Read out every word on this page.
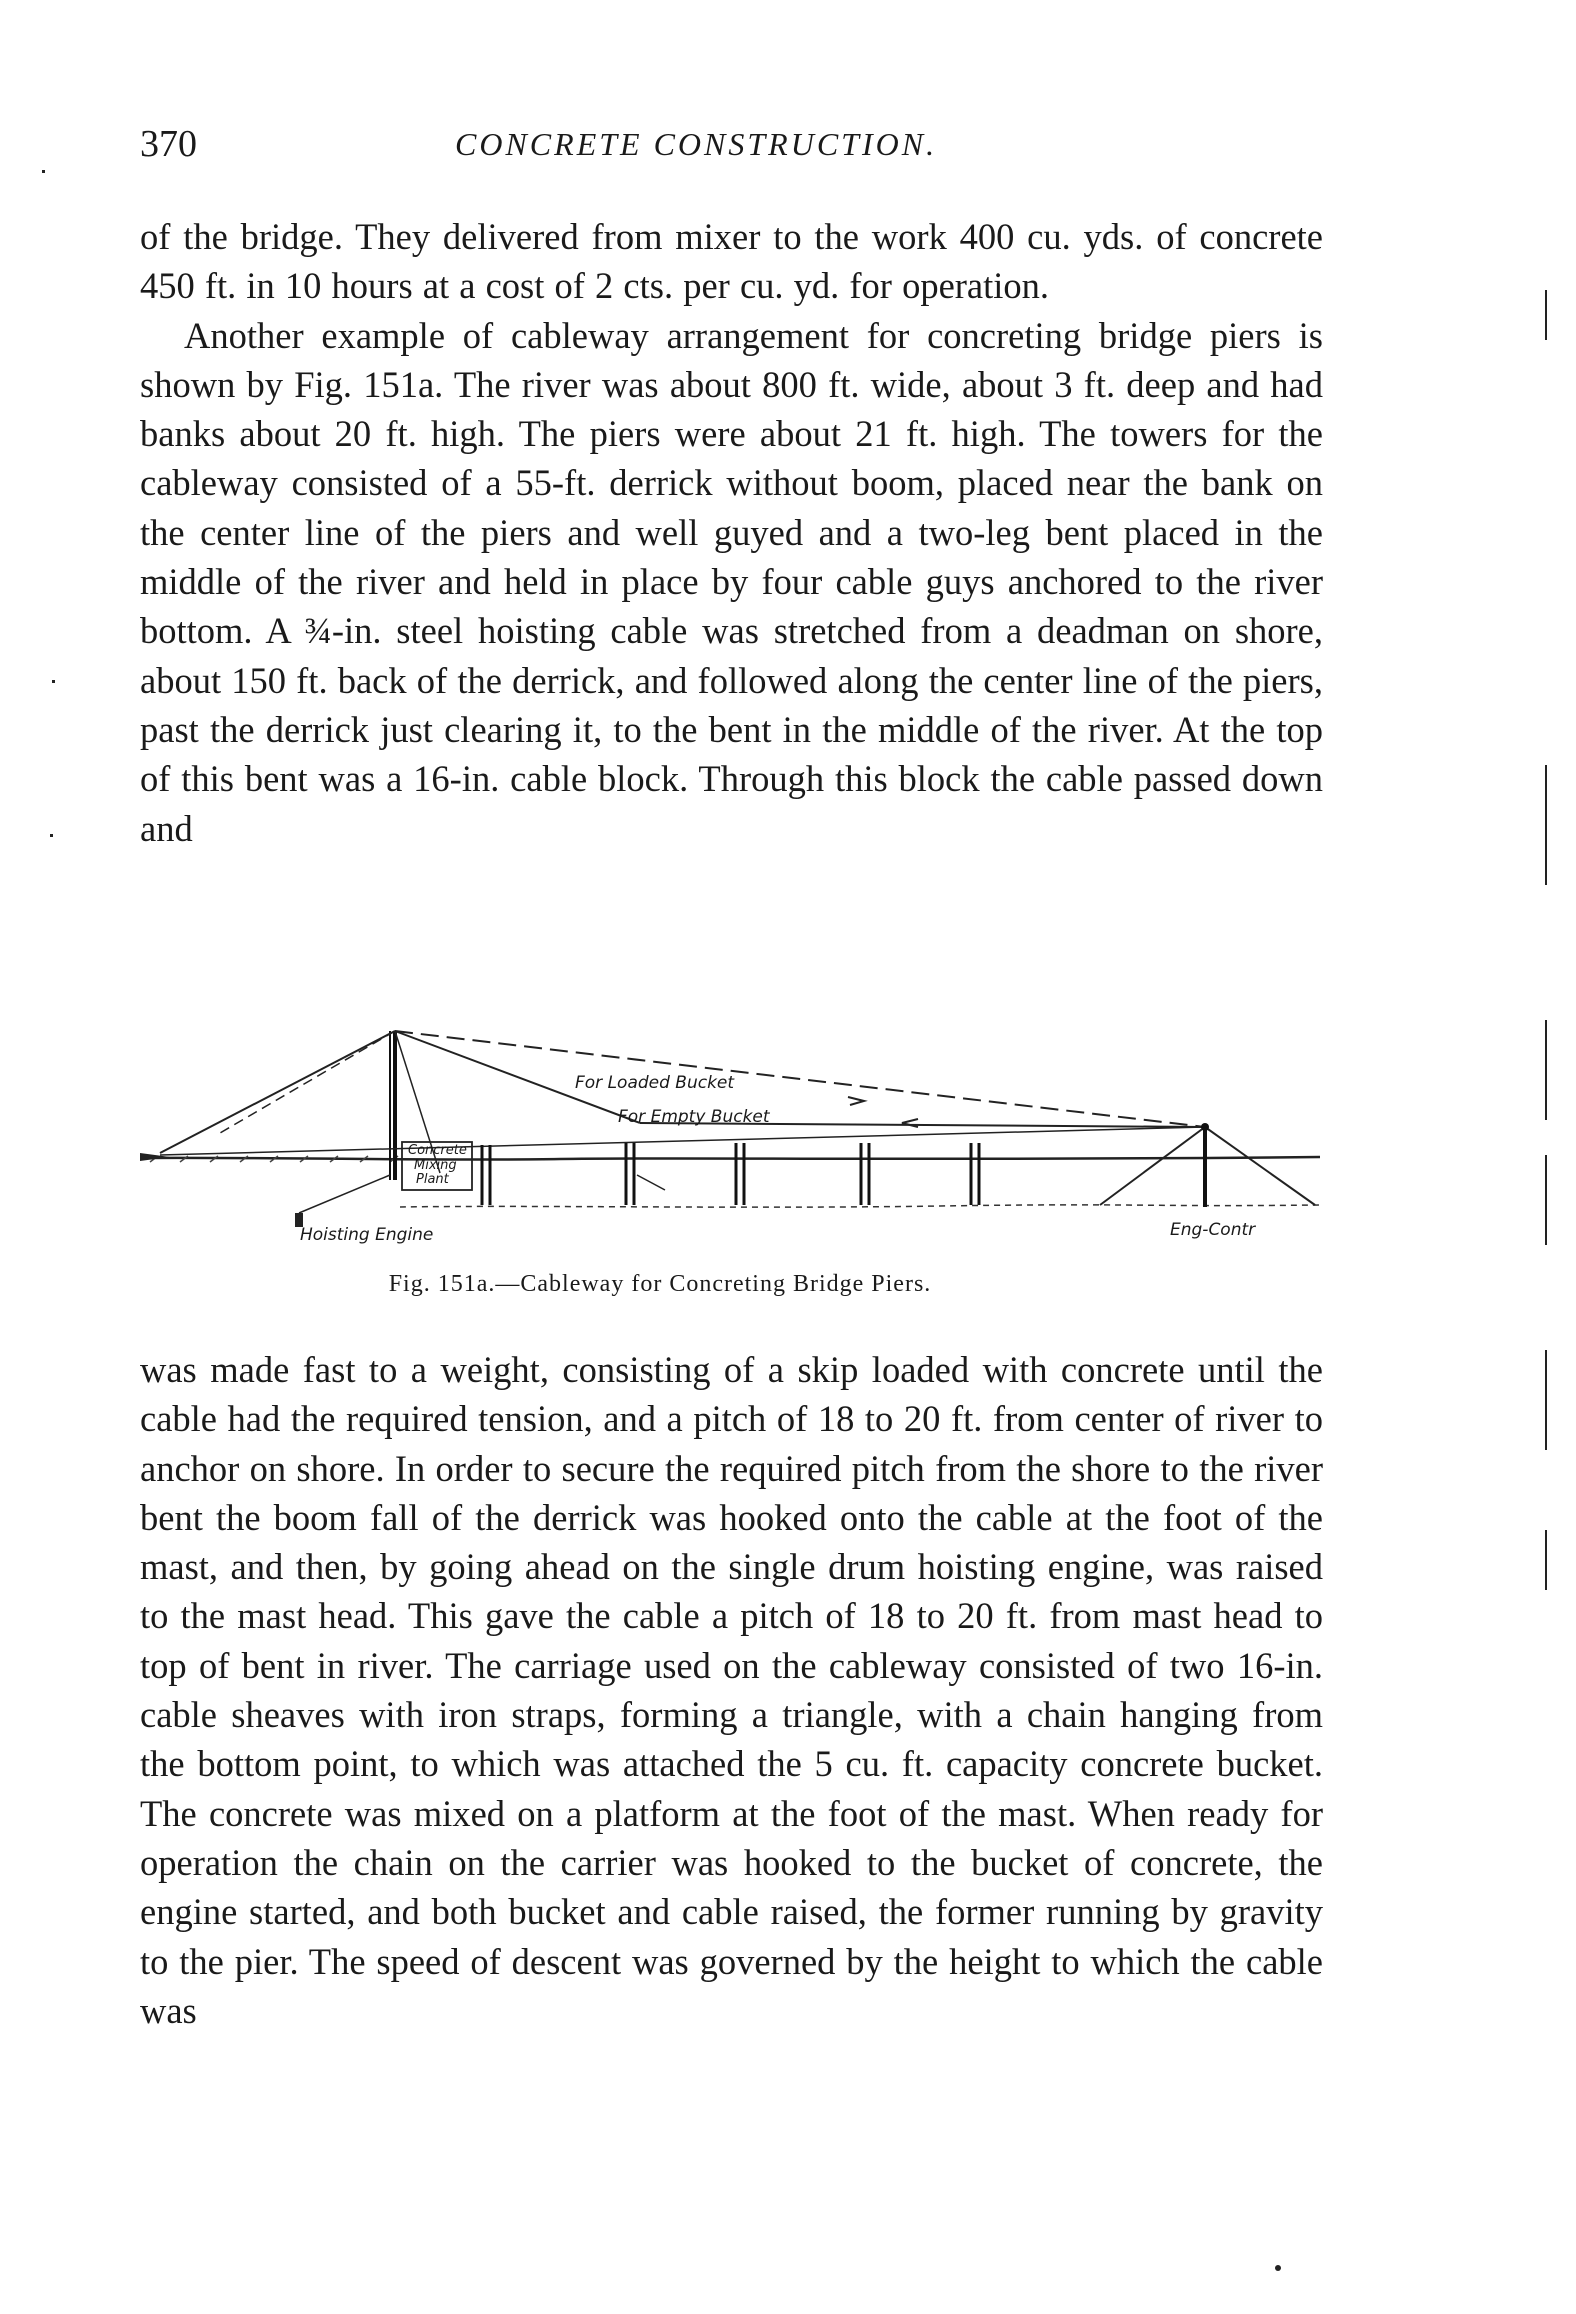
370	CONCRETE CONSTRUCTION.

of the bridge. They delivered from mixer to the work 400 cu. yds. of concrete 450 ft. in 10 hours at a cost of 2 cts. per cu. yd. for operation.

Another example of cableway arrangement for concreting bridge piers is shown by Fig. 151a. The river was about 800 ft. wide, about 3 ft. deep and had banks about 20 ft. high. The piers were about 21 ft. high. The towers for the cableway consisted of a 55-ft. derrick without boom, placed near the bank on the center line of the piers and well guyed and a two-leg bent placed in the middle of the river and held in place by four cable guys anchored to the river bottom. A ¾-in. steel hoisting cable was stretched from a deadman on shore, about 150 ft. back of the derrick, and followed along the center line of the piers, past the derrick just clearing it, to the bent in the middle of the river. At the top of this bent was a 16-in. cable block. Through this block the cable passed down and

For Loaded Bucket
For Empty Bucket
Concrete
Mixing
Plant
Hoisting Engine	Eng-Contr
Fig. 151a.—Cableway for Concreting Bridge Piers.

was made fast to a weight, consisting of a skip loaded with concrete until the cable had the required tension, and a pitch of 18 to 20 ft. from center of river to anchor on shore. In order to secure the required pitch from the shore to the river bent the boom fall of the derrick was hooked onto the cable at the foot of the mast, and then, by going ahead on the single drum hoisting engine, was raised to the mast head. This gave the cable a pitch of 18 to 20 ft. from mast head to top of bent in river. The carriage used on the cableway consisted of two 16-in. cable sheaves with iron straps, forming a triangle, with a chain hanging from the bottom point, to which was attached the 5 cu. ft. capacity concrete bucket. The concrete was mixed on a platform at the foot of the mast. When ready for operation the chain on the carrier was hooked to the bucket of concrete, the engine started, and both bucket and cable raised, the former running by gravity to the pier. The speed of descent was governed by the height to which the cable was
